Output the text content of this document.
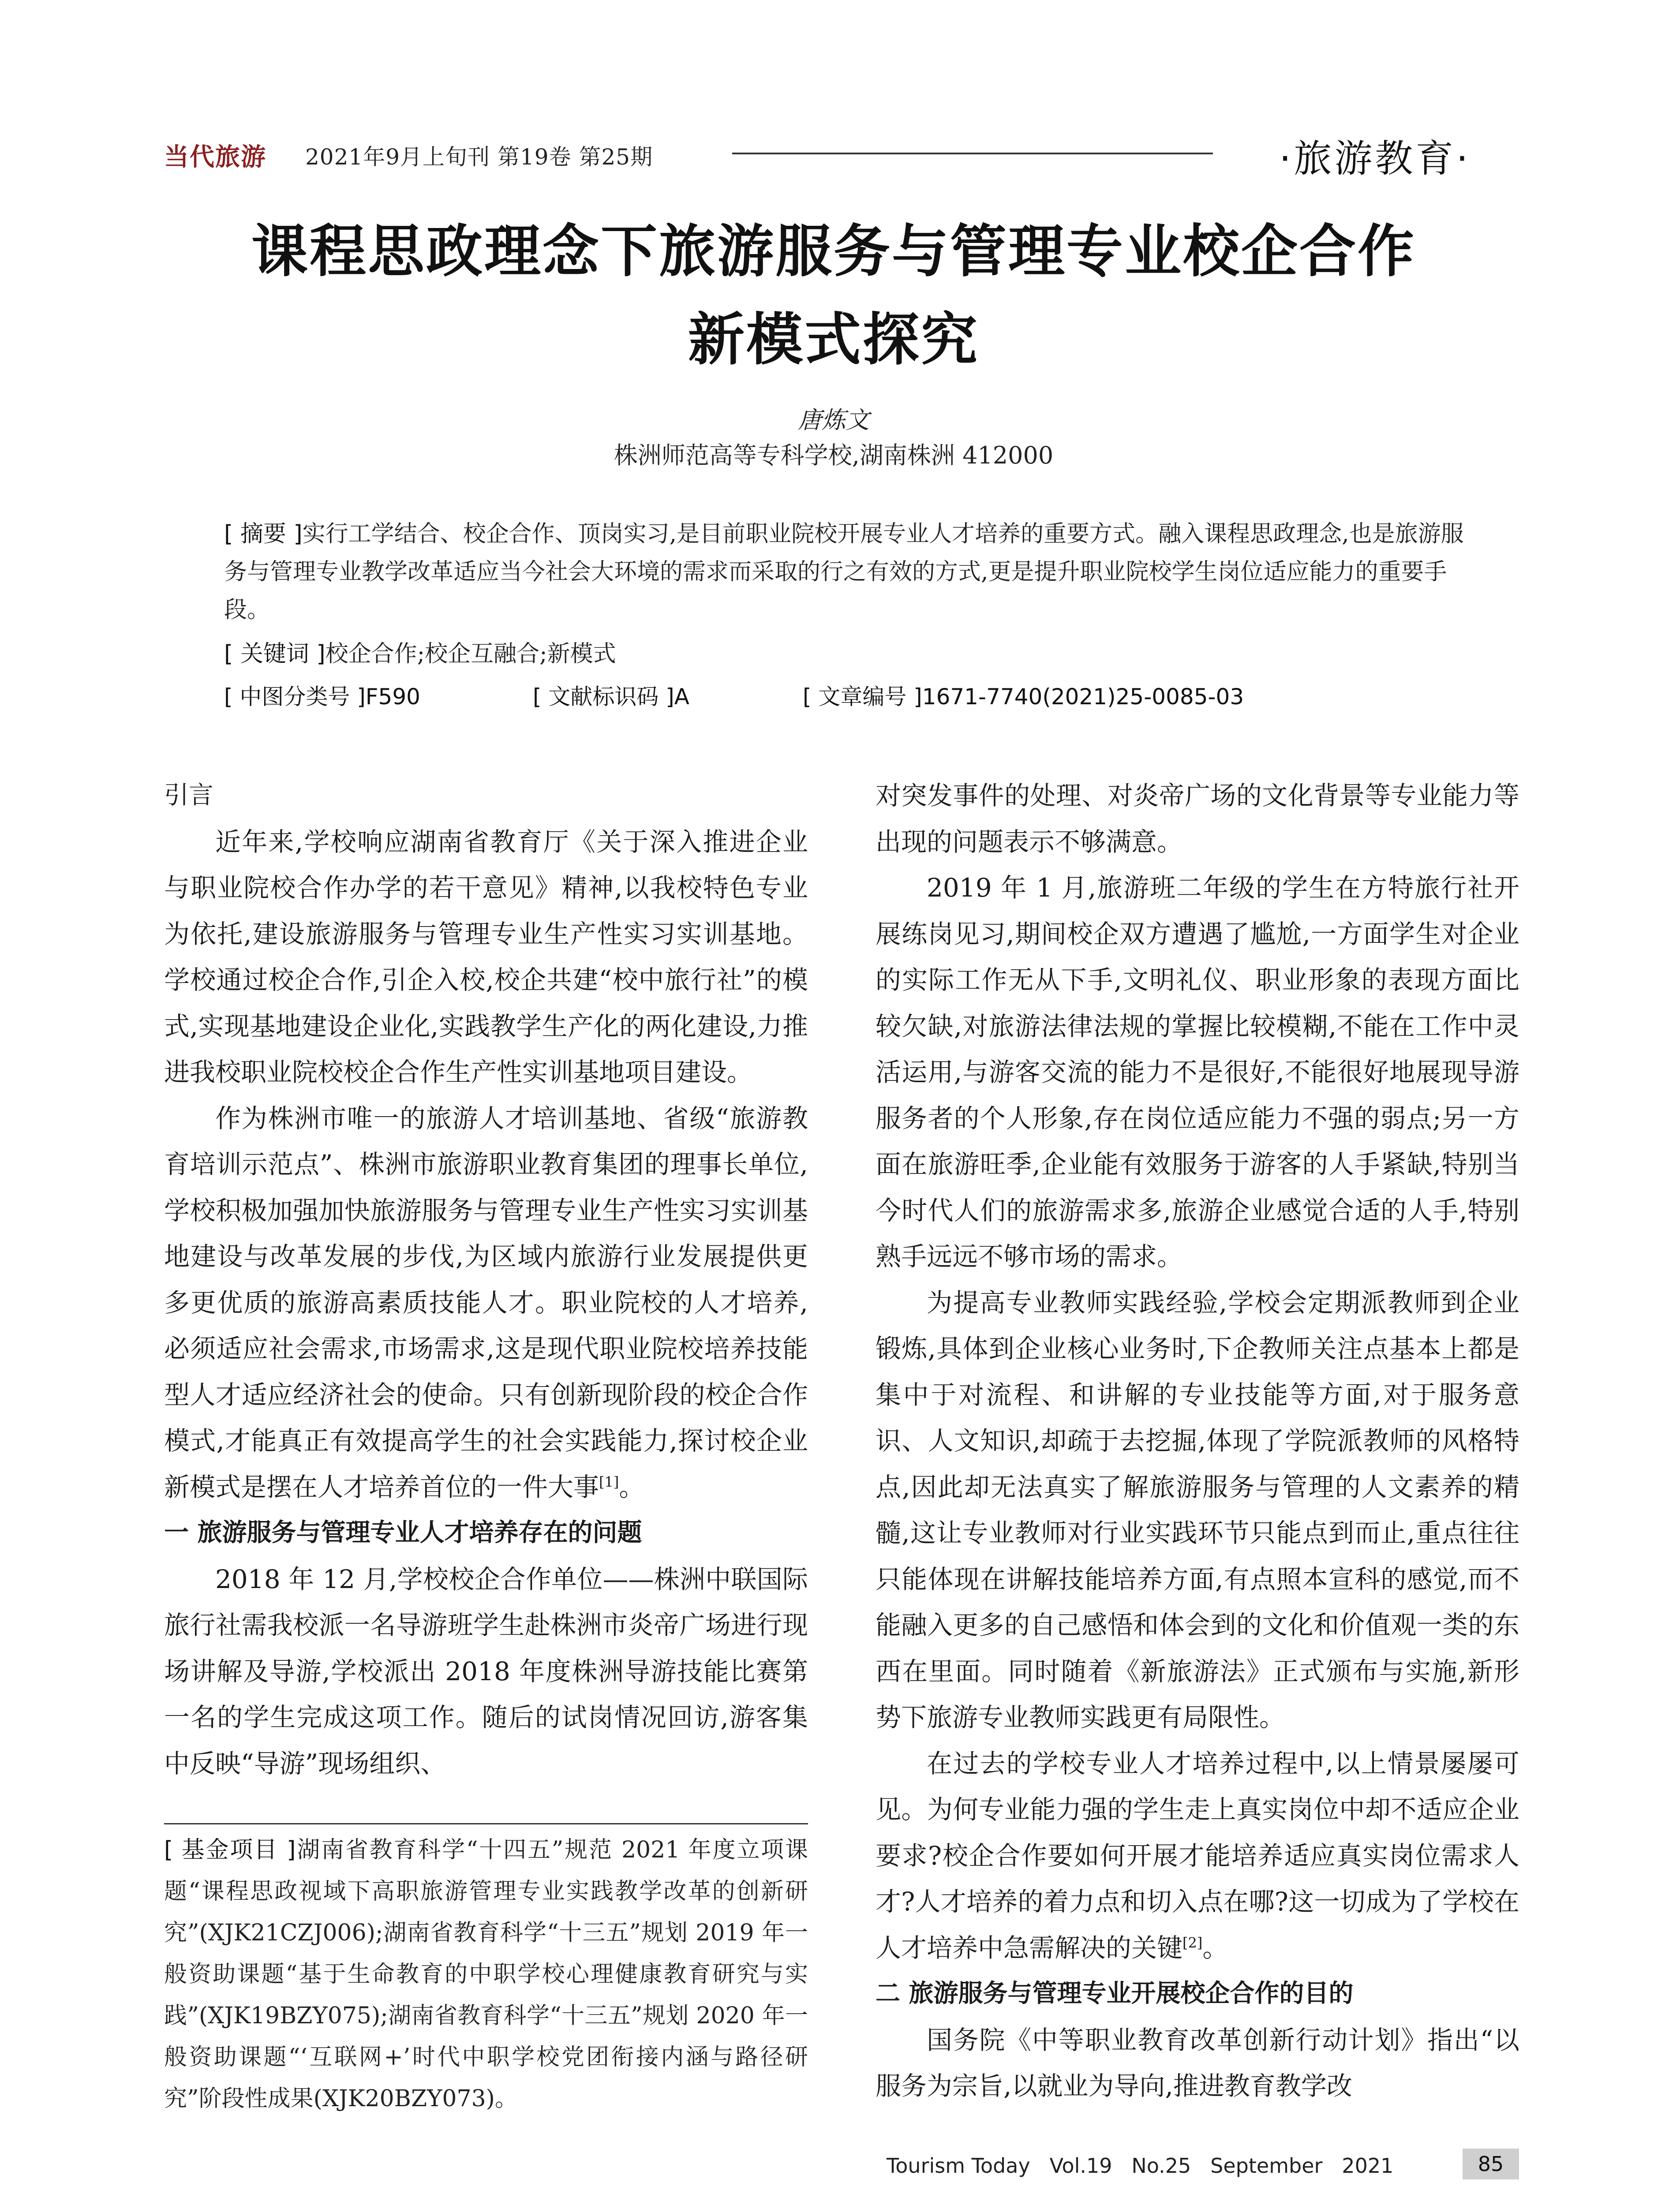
当代旅游 2021年9月上旬刊 第19卷 第25期	·旅游教育·
课程思政理念下旅游服务与管理专业校企合作
新模式探究
唐炼文
株洲师范高等专科学校,湖南株洲 412000
[ 摘要 ]实行工学结合、校企合作、顶岗实习,是目前职业院校开展专业人才培养的重要方式。融入课程思政理念,也是旅游服务与管理专业教学改革适应当今社会大环境的需求而采取的行之有效的方式,更是提升职业院校学生岗位适应能力的重要手段。
[ 关键词 ]校企合作;校企互融合;新模式
[ 中图分类号 ]F590	[ 文献标识码 ]A	[ 文章编号 ]1671-7740(2021)25-0085-03

引言

近年来,学校响应湖南省教育厅《关于深入推进企业与职业院校合作办学的若干意见》精神,以我校特色专业为依托,建设旅游服务与管理专业生产性实习实训基地。学校通过校企合作,引企入校,校企共建“校中旅行社”的模式,实现基地建设企业化,实践教学生产化的两化建设,力推进我校职业院校校企合作生产性实训基地项目建设。

作为株洲市唯一的旅游人才培训基地、省级“旅游教育培训示范点”、株洲市旅游职业教育集团的理事长单位,学校积极加强加快旅游服务与管理专业生产性实习实训基地建设与改革发展的步伐,为区域内旅游行业发展提供更多更优质的旅游高素质技能人才。职业院校的人才培养,必须适应社会需求,市场需求,这是现代职业院校培养技能型人才适应经济社会的使命。只有创新现阶段的校企合作模式,才能真正有效提高学生的社会实践能力,探讨校企业新模式是摆在人才培养首位的一件大事[1]。

一 旅游服务与管理专业人才培养存在的问题

2018 年 12 月,学校校企合作单位——株洲中联国际旅行社需我校派一名导游班学生赴株洲市炎帝广场进行现场讲解及导游,学校派出 2018 年度株洲导游技能比赛第一名的学生完成这项工作。随后的试岗情况回访,游客集中反映“导游”现场组织、

[ 基金项目 ]湖南省教育科学“十四五”规范 2021 年度立项课题“课程思政视域下高职旅游管理专业实践教学改革的创新研究”(XJK21CZJ006);湖南省教育科学“十三五”规划 2019 年一般资助课题“基于生命教育的中职学校心理健康教育研究与实践”(XJK19BZY075);湖南省教育科学“十三五”规划 2020 年一般资助课题“‘互联网+’时代中职学校党团衔接内涵与路径研究”阶段性成果(XJK20BZY073)。

对突发事件的处理、对炎帝广场的文化背景等专业能力等出现的问题表示不够满意。

2019 年 1 月,旅游班二年级的学生在方特旅行社开展练岗见习,期间校企双方遭遇了尴尬,一方面学生对企业的实际工作无从下手,文明礼仪、职业形象的表现方面比较欠缺,对旅游法律法规的掌握比较模糊,不能在工作中灵活运用,与游客交流的能力不是很好,不能很好地展现导游服务者的个人形象,存在岗位适应能力不强的弱点;另一方面在旅游旺季,企业能有效服务于游客的人手紧缺,特别当今时代人们的旅游需求多,旅游企业感觉合适的人手,特别熟手远远不够市场的需求。

为提高专业教师实践经验,学校会定期派教师到企业锻炼,具体到企业核心业务时,下企教师关注点基本上都是集中于对流程、和讲解的专业技能等方面,对于服务意识、人文知识,却疏于去挖掘,体现了学院派教师的风格特点,因此却无法真实了解旅游服务与管理的人文素养的精髓,这让专业教师对行业实践环节只能点到而止,重点往往只能体现在讲解技能培养方面,有点照本宣科的感觉,而不能融入更多的自己感悟和体会到的文化和价值观一类的东西在里面。同时随着《新旅游法》正式颁布与实施,新形势下旅游专业教师实践更有局限性。

在过去的学校专业人才培养过程中,以上情景屡屡可见。为何专业能力强的学生走上真实岗位中却不适应企业要求?校企合作要如何开展才能培养适应真实岗位需求人才?人才培养的着力点和切入点在哪?这一切成为了学校在人才培养中急需解决的关键[2]。

二 旅游服务与管理专业开展校企合作的目的

国务院《中等职业教育改革创新行动计划》指出“以服务为宗旨,以就业为导向,推进教育教学改

Tourism Today   Vol.19   No.25   September   2021	85
